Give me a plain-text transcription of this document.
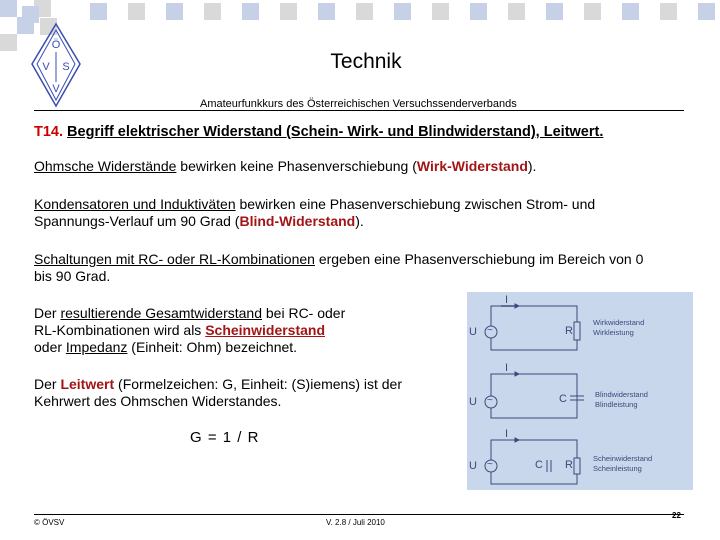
Ö
V S
V
Technik
Amateurfunkkurs des Österreichischen Versuchssenderverbands
T14. Begriff elektrischer Widerstand (Schein- Wirk- und Blindwiderstand), Leitwert.
Ohmsche Widerstände bewirken keine Phasenverschiebung (Wirk-Widerstand).
Kondensatoren und Induktiväten bewirken eine Phasenverschiebung zwischen Strom- und
Spannungs-Verlauf um 90 Grad (Blind-Widerstand).
Schaltungen mit RC- oder RL-Kombinationen ergeben eine Phasenverschiebung im Bereich von 0
bis 90 Grad.
Der resultierende Gesamtwiderstand bei RC- oder
RL-Kombinationen wird als Scheinwiderstand
oder Impedanz (Einheit: Ohm) bezeichnet.
Der Leitwert (Formelzeichen: G, Einheit: (S)iemens) ist der
Kehrwert des Ohmschen Widerstandes.
G = 1 / R
I
U ~	R
Wirkwiderstand
Wirkleistung
I
U ~	C	Blindwiderstand
Blindleistung
I
U ~	C R
Scheinwiderstand
Scheinleistung
© ÖVSV	V. 2.8 / Juli 2010
22
